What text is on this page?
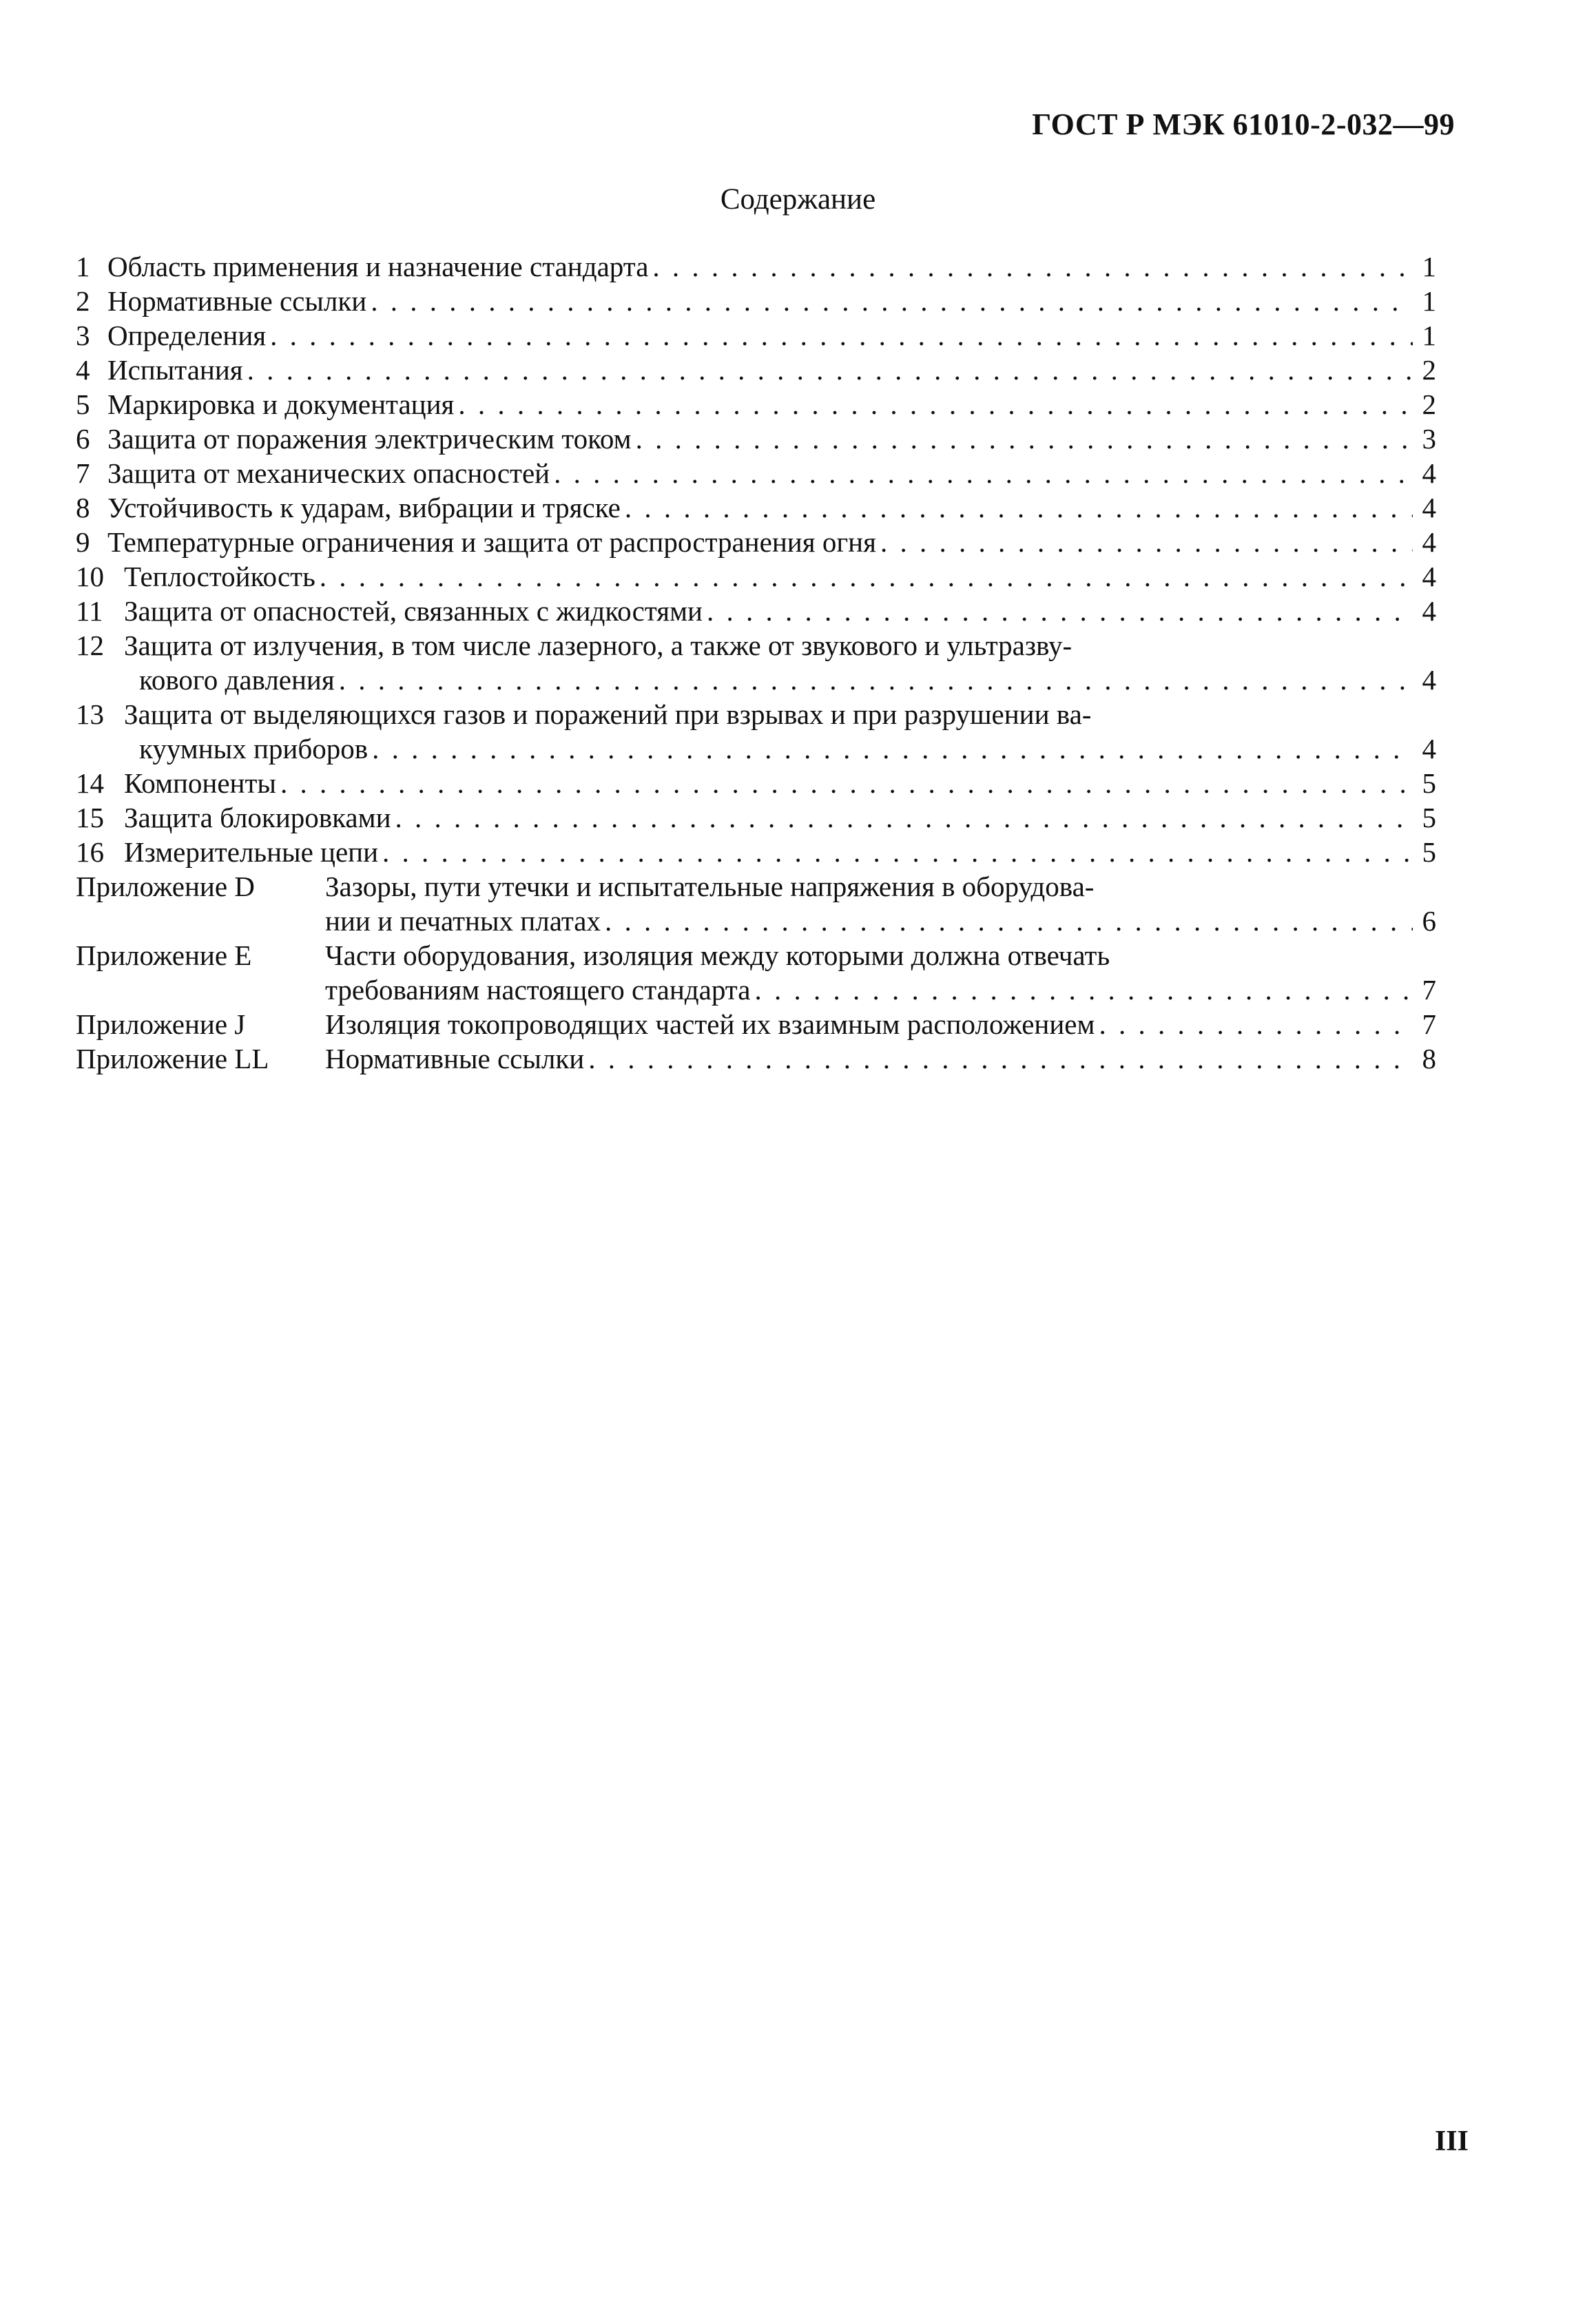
ГОСТ Р МЭК 61010-2-032—99
Содержание
1 Область применения и назначение стандарта . . .	1
2 Нормативные ссылки . . .	1
3 Определения . . .	1
4 Испытания . . .	2
5 Маркировка и документация . . .	2
6 Защита от поражения электрическим током . . .	3
7 Защита от механических опасностей . . .	4
8 Устойчивость к ударам, вибрации и тряске . . .	4
9 Температурные ограничения и защита от распространения огня . . .	4
10 Теплостойкость . . .	4
11 Защита от опасностей, связанных с жидкостями . . .	4
12 Защита от излучения, в том числе лазерного, а также от звукового и ультразву-
кового давления . . .	4
13 Защита от выделяющихся газов и поражений при взрывах и при разрушении ва-
куумных приборов . . .	4
14 Компоненты . . .	5
15 Защита блокировками . . .	5
16 Измерительные цепи . . .	5
Приложение D	Зазоры, пути утечки и испытательные напряжения в оборудова-
нии и печатных платах . . .	6
Приложение E	Части оборудования, изоляция между которыми должна отвечать
требованиям настоящего стандарта . . .	7
Приложение J	Изоляция токопроводящих частей их взаимным расположением . . .	7
Приложение LL	Нормативные ссылки . . .	8
III
